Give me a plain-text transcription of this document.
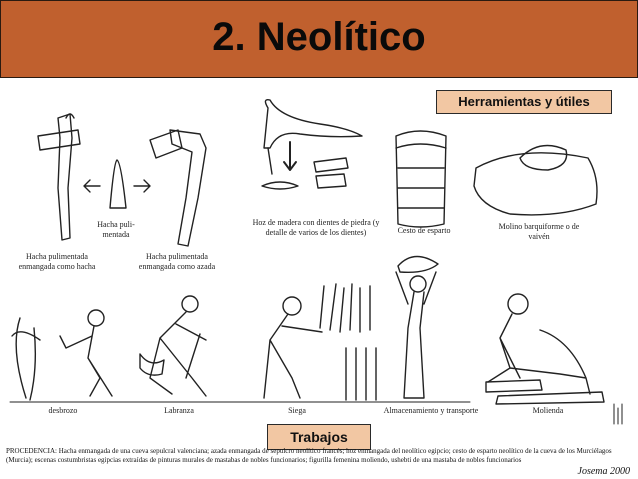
2. Neolítico
Herramientas y útiles
Hacha pulimentada enmangada como hacha
Hacha puli- mentada
Hacha pulimentada enmangada como azada
Hoz de madera con dientes de piedra (y detalle de varios de los dientes)	Cesto de esparto	Molino barquiforme o de vaivén
desbrozo	Labranza	Siega	Almacenamiento y transporte	Molienda
Trabajos
PROCEDENCIA: Hacha enmangada de una cueva sepulcral valenciana; azada enmangada de sepulcro neolítico francés; hoz enmangada del neolítico egipcio; cesto de esparto neolítico de la cueva de los Murciélagos (Murcia); escenas costumbristas egipcias extraídas de pinturas murales de mastabas de nobles funcionarios; figurilla femenina moliendo, ushebti de una mastaba de nobles funcionarios
Josema 2000
